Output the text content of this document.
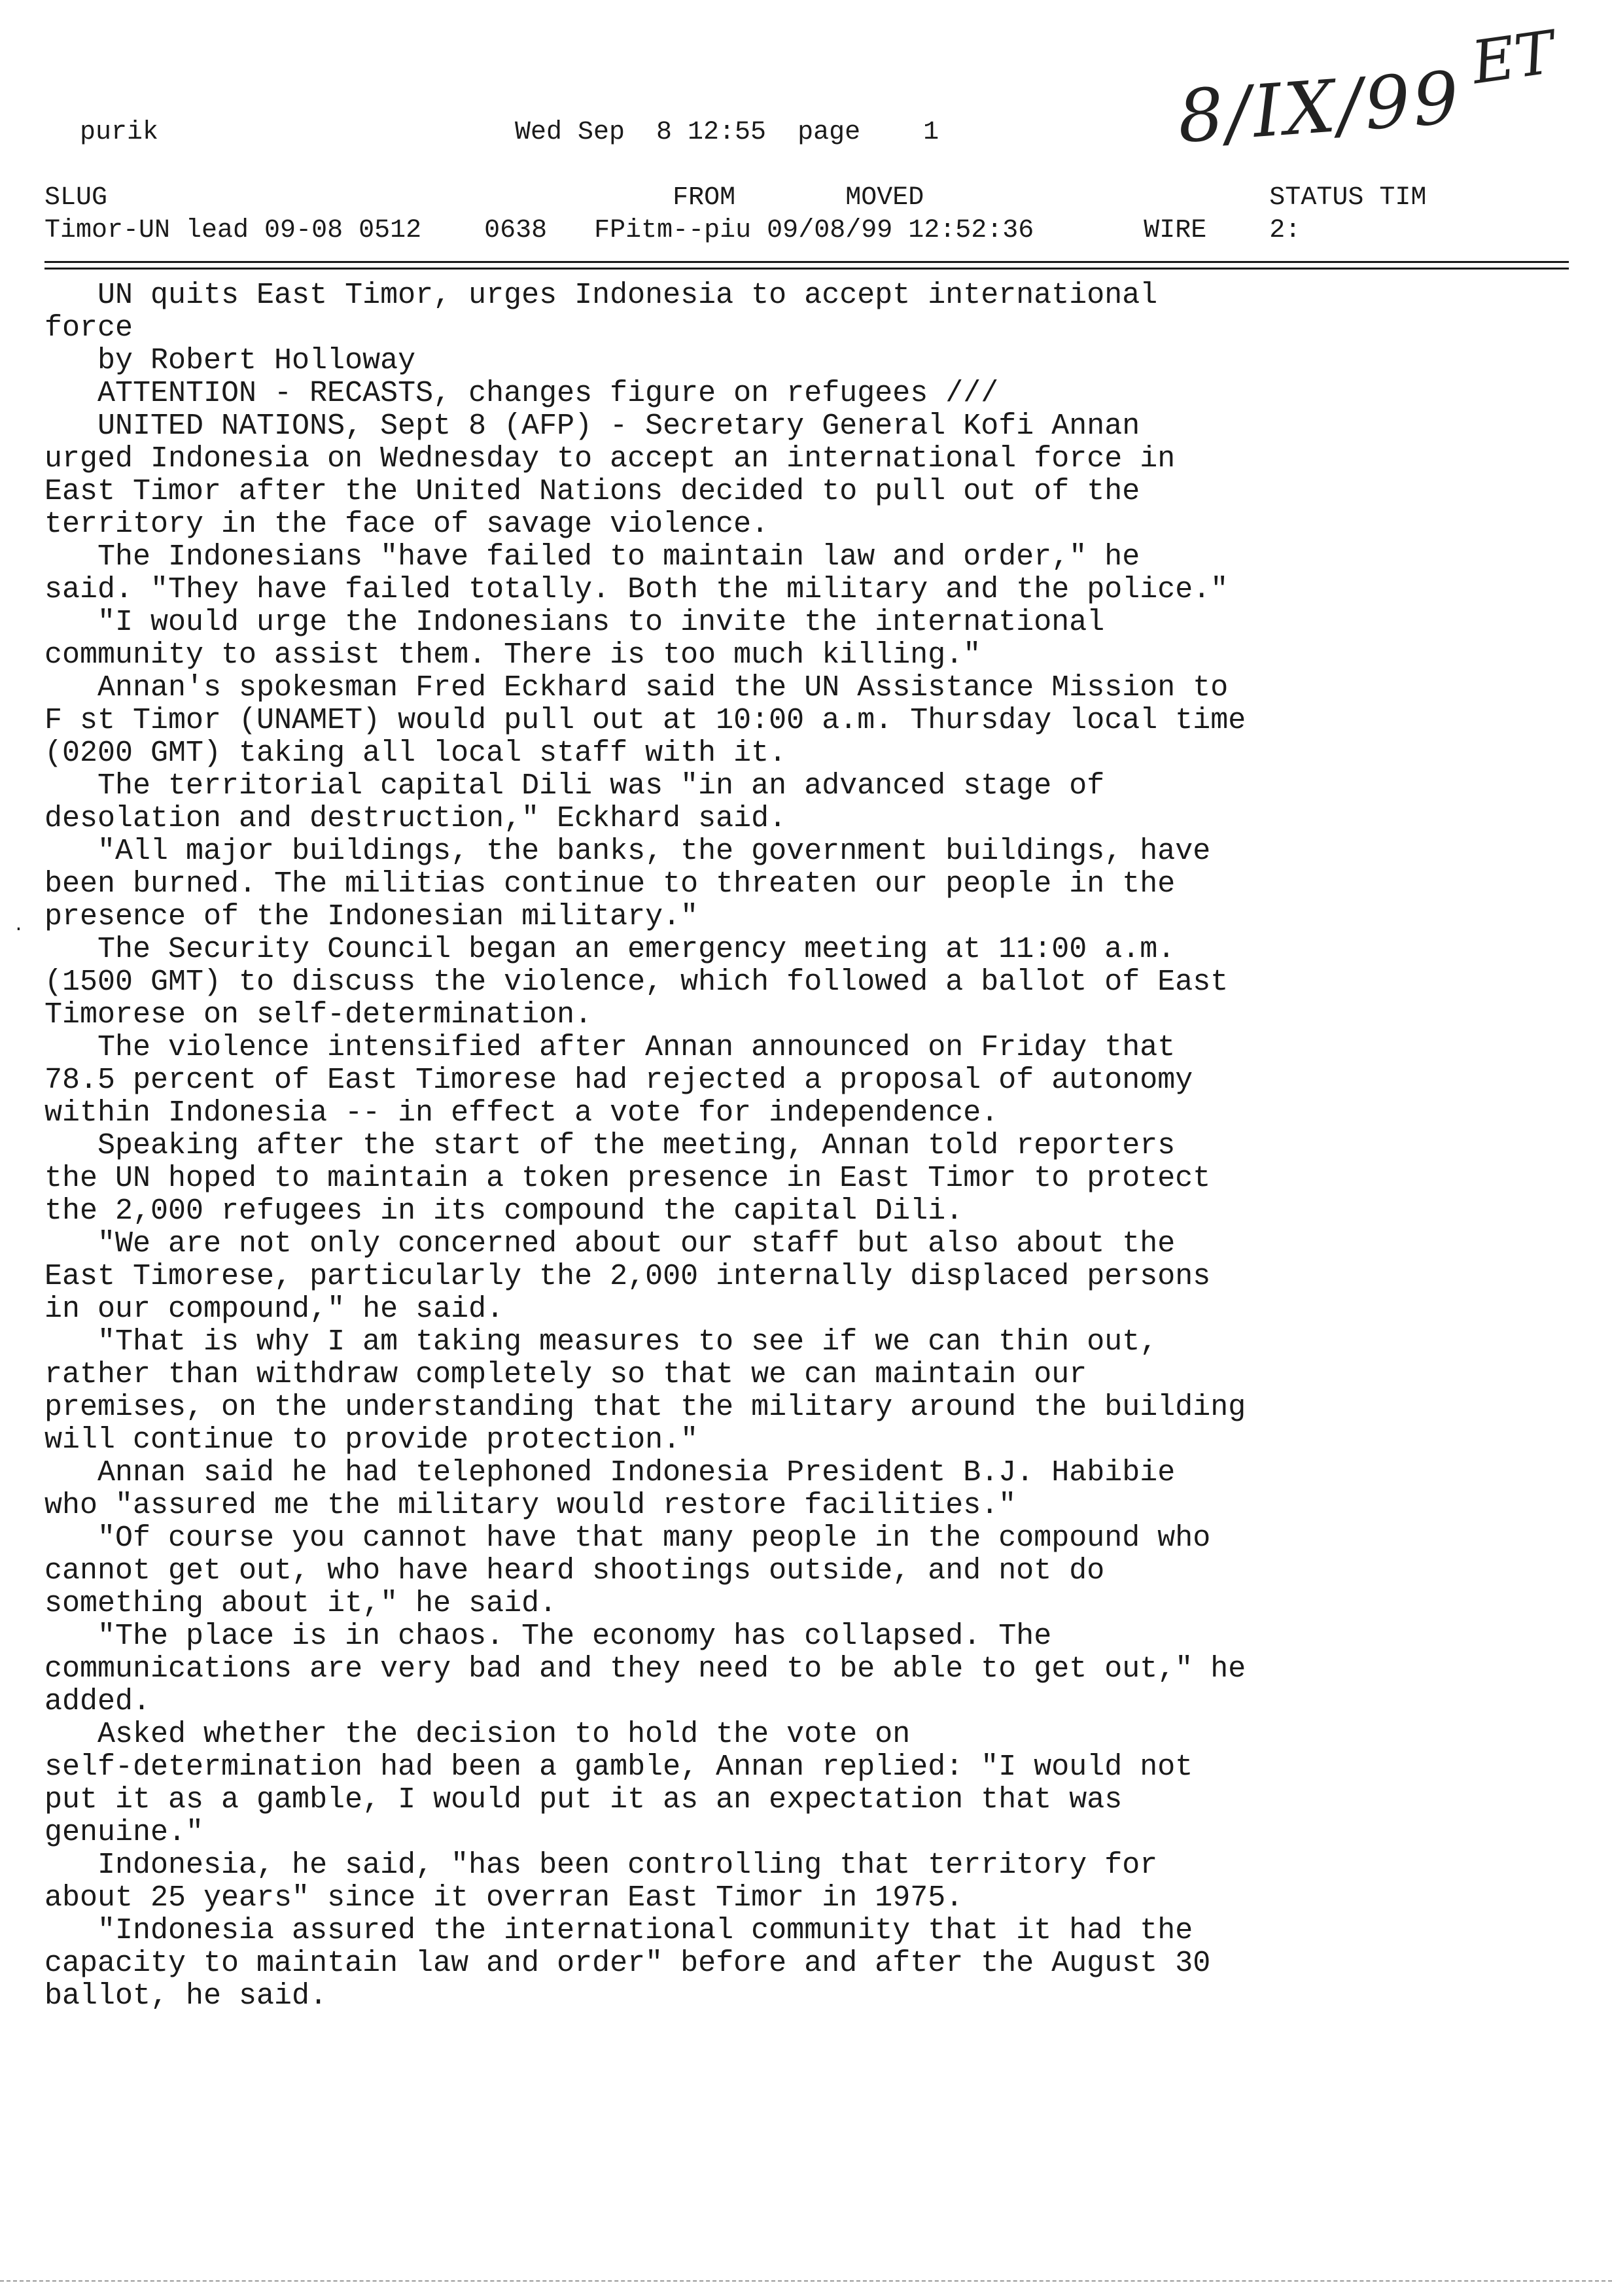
purik	Wed Sep  8 12:55  page    1	8/IX/99 ET
SLUG                                    FROM       MOVED                      STATUS TIM
Timor-UN lead 09-08 0512    0638   FPitm--piu 09/08/99 12:52:36       WIRE    2:
UN quits East Timor, urges Indonesia to accept international
force
by Robert Holloway
ATTENTION - RECASTS, changes figure on refugees ///
UNITED NATIONS, Sept 8 (AFP) - Secretary General Kofi Annan
urged Indonesia on Wednesday to accept an international force in
East Timor after the United Nations decided to pull out of the
territory in the face of savage violence.
The Indonesians "have failed to maintain law and order," he
said. "They have failed totally. Both the military and the police."
"I would urge the Indonesians to invite the international
community to assist them. There is too much killing."
Annan's spokesman Fred Eckhard said the UN Assistance Mission to
F st Timor (UNAMET) would pull out at 10:00 a.m. Thursday local time
(0200 GMT) taking all local staff with it.
The territorial capital Dili was "in an advanced stage of
desolation and destruction," Eckhard said.
"All major buildings, the banks, the government buildings, have
been burned. The militias continue to threaten our people in the
presence of the Indonesian military."
The Security Council began an emergency meeting at 11:00 a.m.
(1500 GMT) to discuss the violence, which followed a ballot of East
Timorese on self-determination.
The violence intensified after Annan announced on Friday that
78.5 percent of East Timorese had rejected a proposal of autonomy
within Indonesia -- in effect a vote for independence.
Speaking after the start of the meeting, Annan told reporters
the UN hoped to maintain a token presence in East Timor to protect
the 2,000 refugees in its compound the capital Dili.
"We are not only concerned about our staff but also about the
East Timorese, particularly the 2,000 internally displaced persons
in our compound," he said.
"That is why I am taking measures to see if we can thin out,
rather than withdraw completely so that we can maintain our
premises, on the understanding that the military around the building
will continue to provide protection."
Annan said he had telephoned Indonesia President B.J. Habibie
who "assured me the military would restore facilities."
"Of course you cannot have that many people in the compound who
cannot get out, who have heard shootings outside, and not do
something about it," he said.
"The place is in chaos. The economy has collapsed. The
communications are very bad and they need to be able to get out," he
added.
Asked whether the decision to hold the vote on
self-determination had been a gamble, Annan replied: "I would not
put it as a gamble, I would put it as an expectation that was
genuine."
Indonesia, he said, "has been controlling that territory for
about 25 years" since it overran East Timor in 1975.
"Indonesia assured the international community that it had the
capacity to maintain law and order" before and after the August 30
ballot, he said.
.
